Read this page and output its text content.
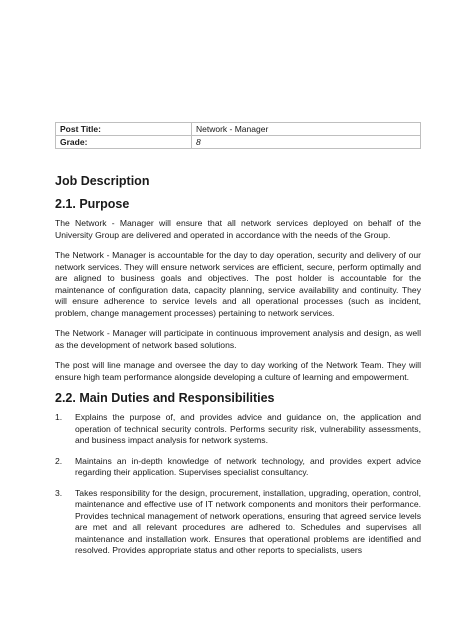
Post Title:	Network - Manager
Grade:	8
Job Description
2.1. Purpose

The Network - Manager will ensure that all network services deployed on behalf of the University Group are delivered and operated in accordance with the needs of the Group.

The Network - Manager is accountable for the day to day operation, security and delivery of our network services. They will ensure network services are efficient, secure, perform optimally and are aligned to business goals and objectives. The post holder is accountable for the maintenance of configuration data, capacity planning, service availability and continuity. They will ensure adherence to service levels and all operational processes (such as incident, problem, change management processes) pertaining to network services.

The Network - Manager will participate in continuous improvement analysis and design, as well as the development of network based solutions.

The post will line manage and oversee the day to day working of the Network Team. They will ensure high team performance alongside developing a culture of learning and empowerment.

2.2. Main Duties and Responsibilities
1.	Explains the purpose of, and provides advice and guidance on, the application and operation of technical security controls. Performs security risk, vulnerability assessments, and business impact analysis for network systems.
2.	Maintains an in-depth knowledge of network technology, and provides expert advice regarding their application. Supervises specialist consultancy.
3.	Takes responsibility for the design, procurement, installation, upgrading, operation, control, maintenance and effective use of IT network components and monitors their performance. Provides technical management of network operations, ensuring that agreed service levels are met and all relevant procedures are adhered to. Schedules and supervises all maintenance and installation work. Ensures that operational problems are identified and resolved. Provides appropriate status and other reports to specialists, users
